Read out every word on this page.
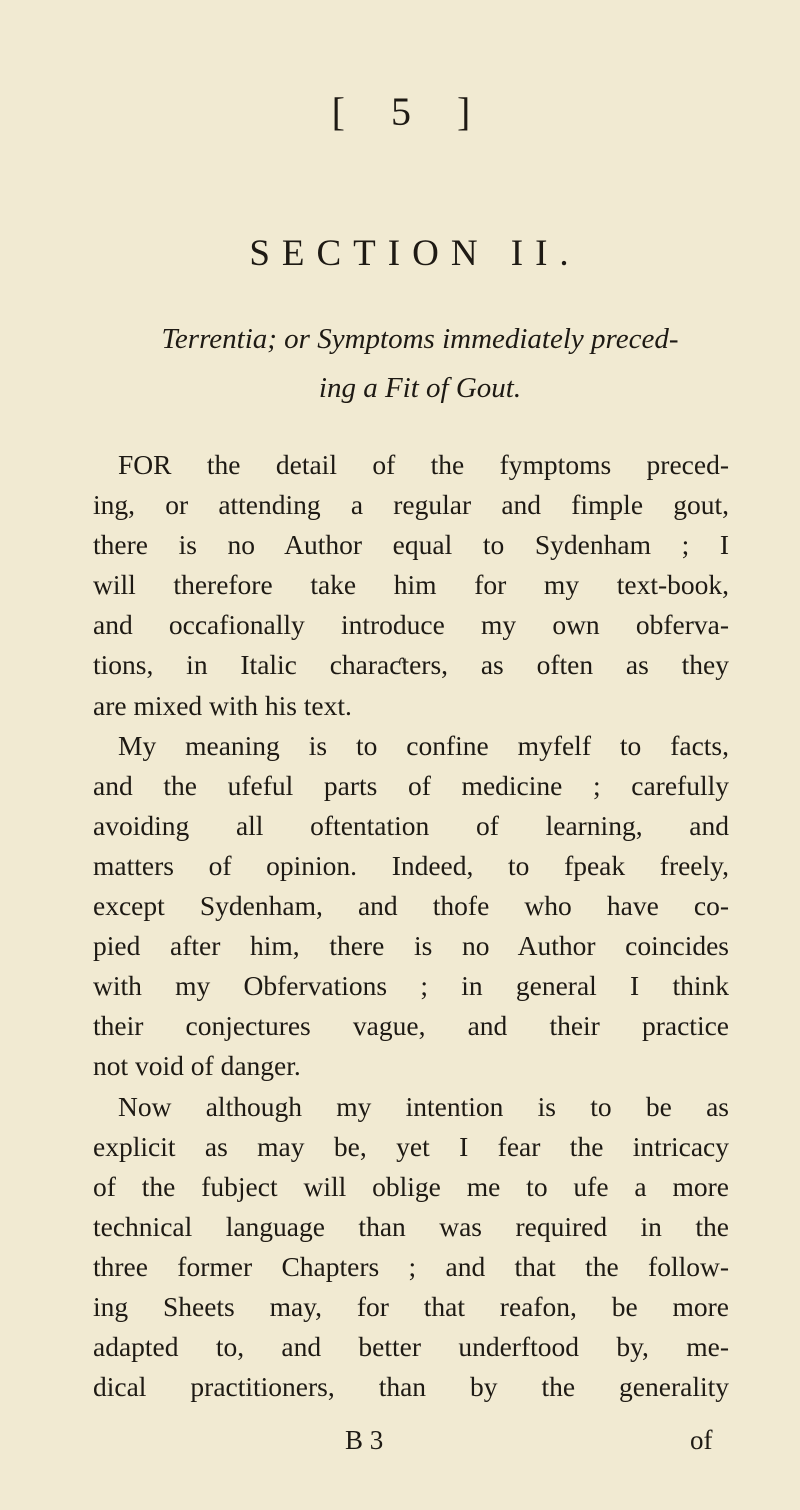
[ 5 ]
SECTION II.
Terrentia; or Symptoms immediately preced-
ing a Fit of Gout.
FOR the detail of the fymptoms preced-
ing, or attending a regular and fimple gout,
there is no Author equal to Sydenham ; I
will therefore take him for my text-book,
and occafionally introduce my own obferva-
tions, in Italic charaƈters, as often as they
are mixed with his text.
My meaning is to confine myfelf to facts,
and the ufeful parts of medicine ; carefully
avoiding all oftentation of learning, and
matters of opinion. Indeed, to fpeak freely,
except Sydenham, and thofe who have co-
pied after him, there is no Author coincides
with my Obfervations ; in general I think
their conjectures vague, and their practice
not void of danger.
Now although my intention is to be as
explicit as may be, yet I fear the intricacy
of the fubject will oblige me to ufe a more
technical language than was required in the
three former Chapters ; and that the follow-
ing Sheets may, for that reafon, be more
adapted to, and better underftood by, me-
dical practitioners, than by the generality
B 3	of
